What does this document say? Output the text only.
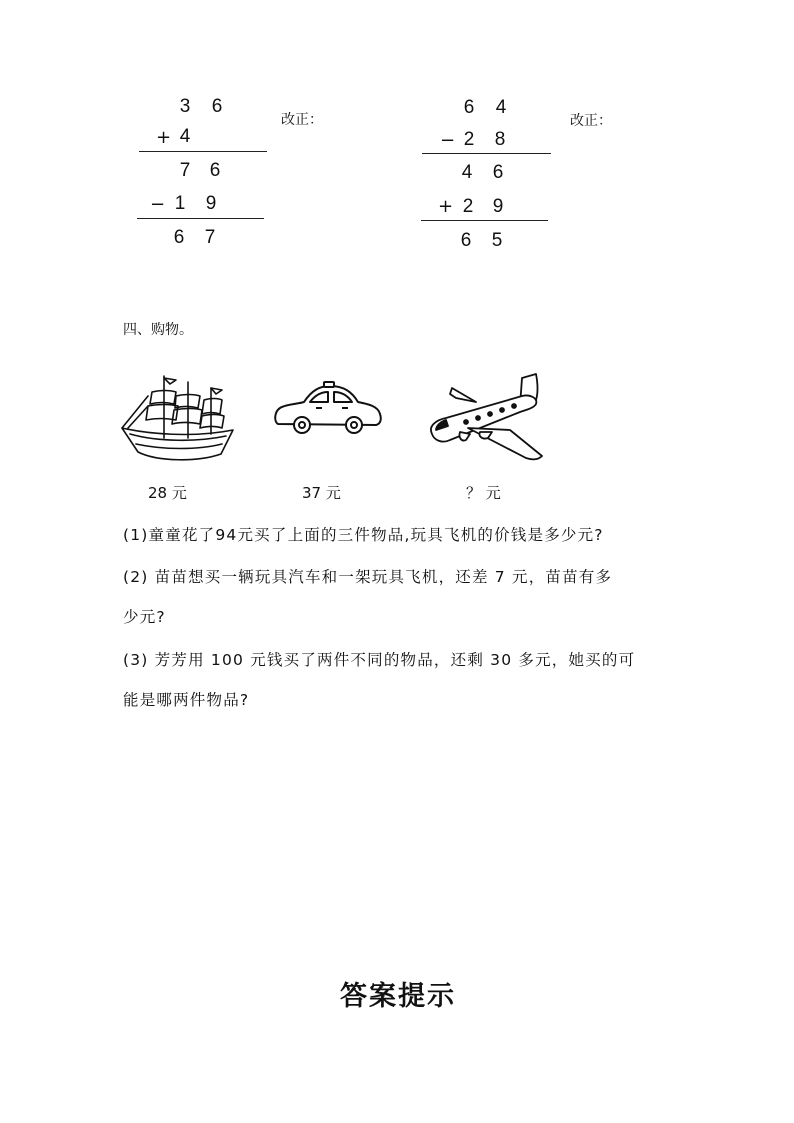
3 6
+ 4
7 6
− 1 9
6 7
改正：
6 4
− 2 8
4 6
+ 2 9
6 5
改正：
四、购物。
28 元	37 元	？ 元
(1)童童花了94元买了上面的三件物品,玩具飞机的价钱是多少元?
(2) 苗苗想买一辆玩具汽车和一架玩具飞机，还差 7 元，苗苗有多
少元?
(3) 芳芳用 100 元钱买了两件不同的物品，还剩 30 多元，她买的可
能是哪两件物品?
答案提示
